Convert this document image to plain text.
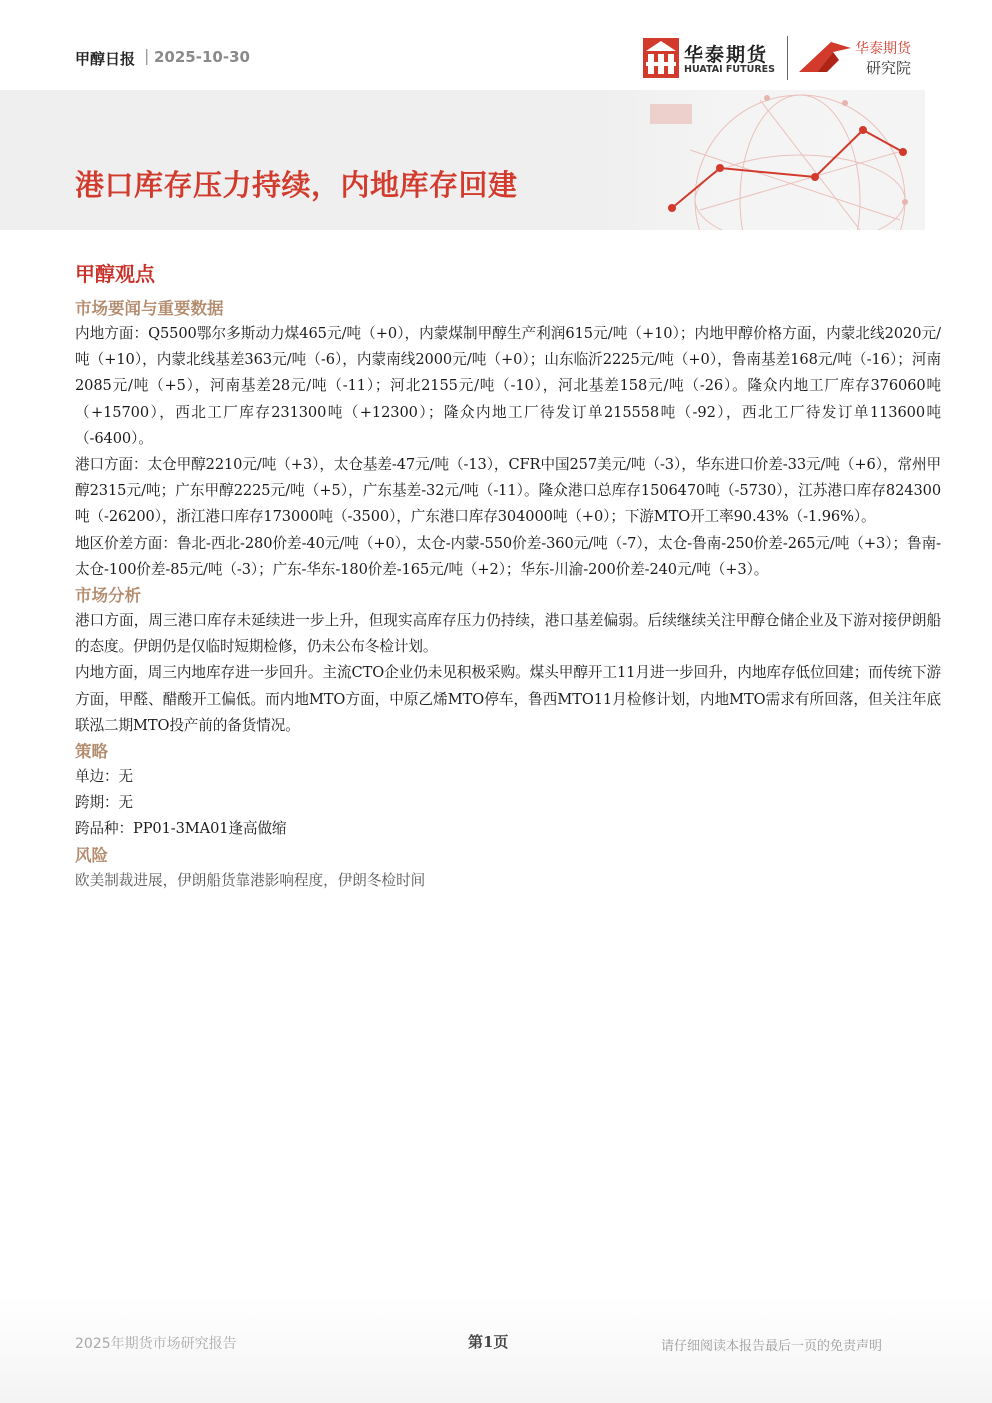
甲醇日报 | 2025-10-30	华泰期货
HUATAI FUTURES
华泰期货
研究院
港口库存压力持续，内地库存回建
甲醇观点
市场要闻与重要数据
内地方面：Q5500鄂尔多斯动力煤465元/吨（+0），内蒙煤制甲醇生产利润615元/吨（+10）；内地甲醇价格方面，内蒙北线2020元/吨（+10），内蒙北线基差363元/吨（-6），内蒙南线2000元/吨（+0）；山东临沂2225元/吨（+0），鲁南基差168元/吨（-16）；河南2085元/吨（+5），河南基差28元/吨（-11）；河北2155元/吨（-10），河北基差158元/吨（-26）。隆众内地工厂库存376060吨（+15700），西北工厂库存231300吨（+12300）；隆众内地工厂待发订单215558吨（-92），西北工厂待发订单113600吨（-6400）。
港口方面：太仓甲醇2210元/吨（+3），太仓基差-47元/吨（-13），CFR中国257美元/吨（-3），华东进口价差-33元/吨（+6），常州甲醇2315元/吨；广东甲醇2225元/吨（+5），广东基差-32元/吨（-11）。隆众港口总库存1506470吨（-5730），江苏港口库存824300吨（-26200），浙江港口库存173000吨（-3500），广东港口库存304000吨（+0）；下游MTO开工率90.43%（-1.96%）。
地区价差方面：鲁北-西北-280价差-40元/吨（+0），太仓-内蒙-550价差-360元/吨（-7），太仓-鲁南-250价差-265元/吨（+3）；鲁南-太仓-100价差-85元/吨（-3）；广东-华东-180价差-165元/吨（+2）；华东-川渝-200价差-240元/吨（+3）。
市场分析
港口方面，周三港口库存未延续进一步上升，但现实高库存压力仍持续，港口基差偏弱。后续继续关注甲醇仓储企业及下游对接伊朗船的态度。伊朗仍是仅临时短期检修，仍未公布冬检计划。
内地方面，周三内地库存进一步回升。主流CTO企业仍未见积极采购。煤头甲醇开工11月进一步回升，内地库存低位回建；而传统下游方面，甲醛、醋酸开工偏低。而内地MTO方面，中原乙烯MTO停车，鲁西MTO11月检修计划，内地MTO需求有所回落，但关注年底联泓二期MTO投产前的备货情况。
策略
单边：无
跨期：无
跨品种：PP01-3MA01逢高做缩
风险
欧美制裁进展，伊朗船货靠港影响程度，伊朗冬检时间
2025年期货市场研究报告	第1页	请仔细阅读本报告最后一页的免责声明
